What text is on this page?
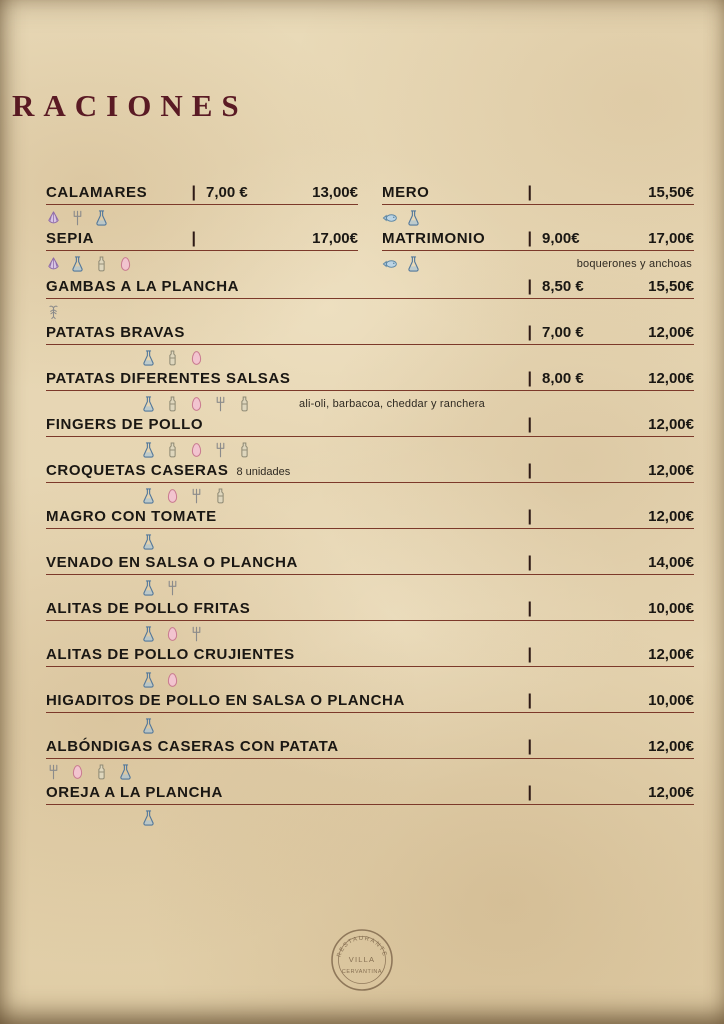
RACIONES
CALAMARES	| 7,00 €	13,00€
SEPIA	|	17,00€
MERO	|	15,50€
MATRIMONIO	| 9,00€	17,00€
boquerones y anchoas
GAMBAS A LA PLANCHA	| 8,50 €	15,50€
PATATAS BRAVAS	| 7,00 €	12,00€
PATATAS DIFERENTES SALSAS	| 8,00 €	12,00€
ali-oli, barbacoa, cheddar y ranchera
FINGERS DE POLLO	|	12,00€
CROQUETAS CASERAS 8 unidades	|	12,00€
MAGRO CON TOMATE	|	12,00€
VENADO EN SALSA O PLANCHA	|	14,00€
ALITAS DE POLLO FRITAS	|	10,00€
ALITAS DE POLLO CRUJIENTES	|	12,00€
HIGADITOS DE POLLO EN SALSA O PLANCHA	|	10,00€
ALBÓNDIGAS CASERAS CON PATATA	|	12,00€
OREJA A LA PLANCHA	|	12,00€
RESTAURANTE
VILLA
CERVANTINA
